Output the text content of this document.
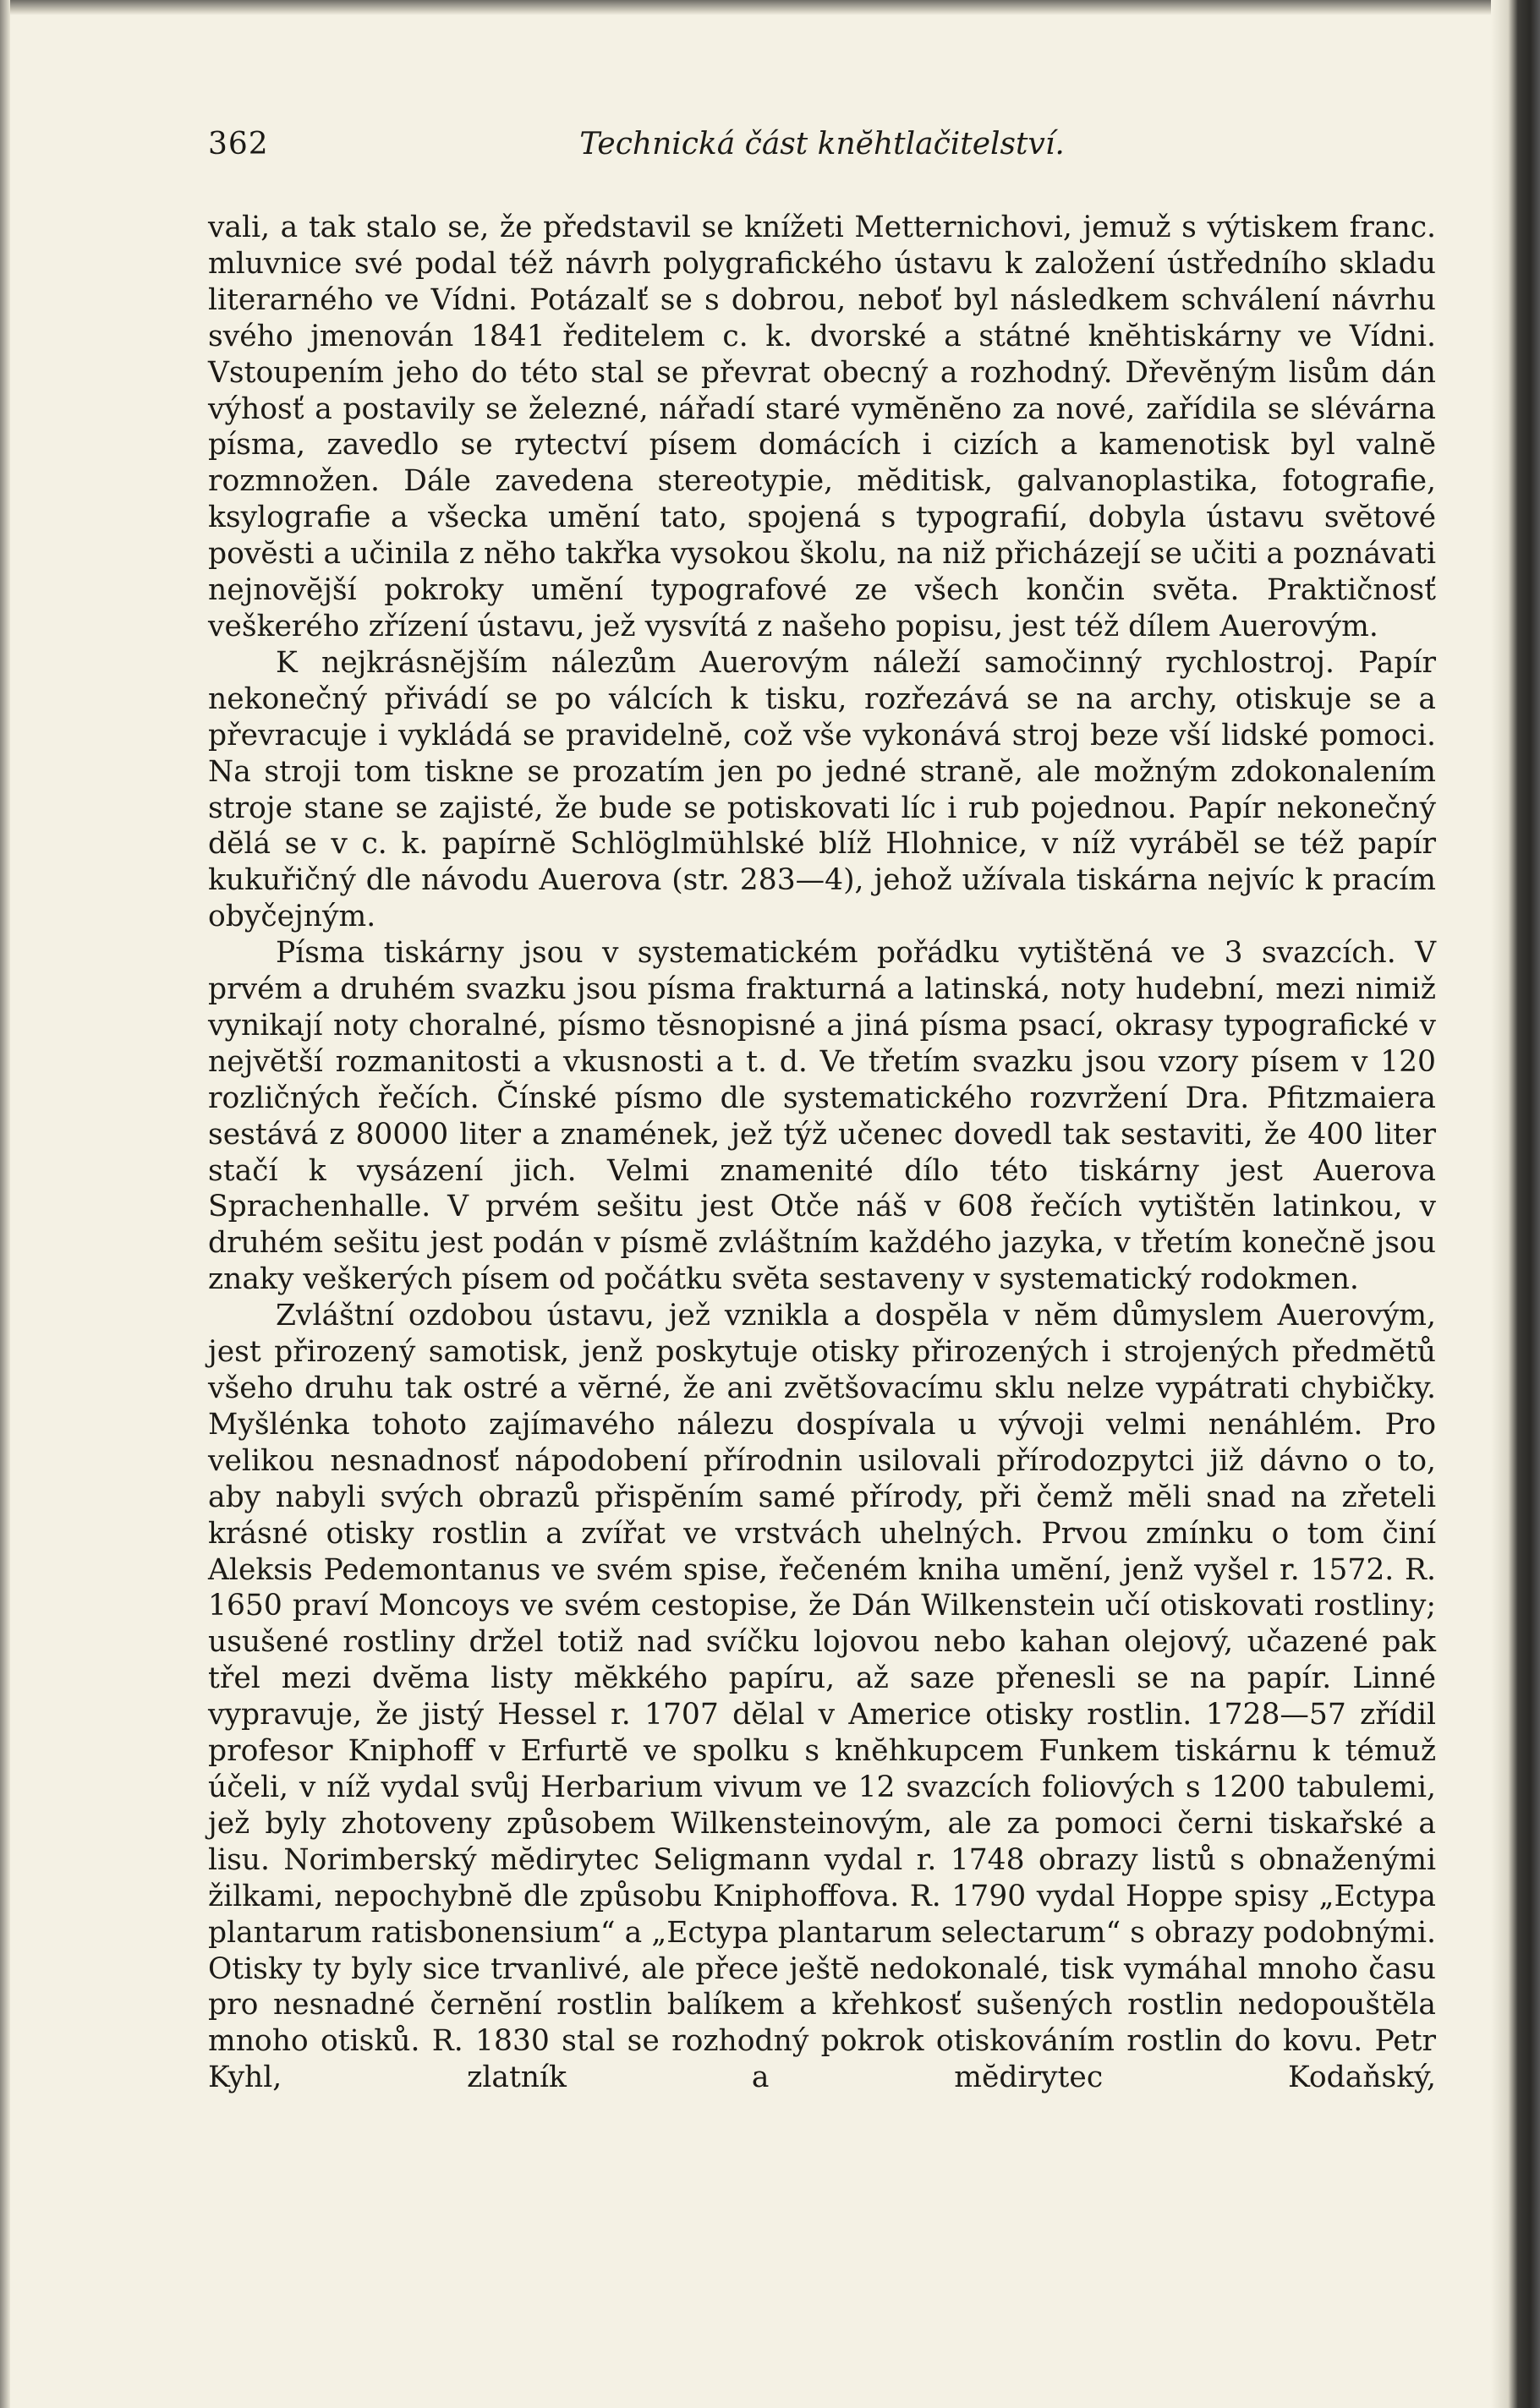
362	Technická část knĕhtlačitelství.

vali, a tak stalo se, že představil se knížeti Metternichovi, jemuž s výtiskem franc. mluvnice své podal též návrh polygrafického ústavu k založení ústředního skladu literarného ve Vídni. Potázalť se s dobrou, neboť byl následkem schválení návrhu svého jmenován 1841 ředitelem c. k. dvorské a státné knĕhtiskárny ve Vídni. Vstoupením jeho do této stal se převrat obecný a rozhodný. Dřevĕným lisům dán výhosť a postavily se železné, nářadí staré vymĕnĕno za nové, zařídila se slévárna písma, zavedlo se rytectví písem domácích i cizích a kamenotisk byl valnĕ rozmnožen. Dále zavedena stereotypie, mĕditisk, galvanoplastika, fotografie, ksylografie a všecka umĕní tato, spojená s typografií, dobyla ústavu svĕtové povĕsti a učinila z nĕho takřka vysokou školu, na niž přicházejí se učiti a poznávati nejnovĕjší pokroky umĕní typografové ze všech končin svĕta. Praktičnosť veškerého zřízení ústavu, jež vysvítá z našeho popisu, jest též dílem Auerovým.

K nejkrásnĕjším nálezům Auerovým náleží samočinný rychlostroj. Papír nekonečný přivádí se po válcích k tisku, rozřezává se na archy, otiskuje se a převracuje i vykládá se pravidelnĕ, což vše vykonává stroj beze vší lidské pomoci. Na stroji tom tiskne se prozatím jen po jedné stranĕ, ale možným zdokonalením stroje stane se zajisté, že bude se potiskovati líc i rub pojednou. Papír nekonečný dĕlá se v c. k. papírnĕ Schlöglmühlské blíž Hlohnice, v níž vyrábĕl se též papír kukuřičný dle návodu Auerova (str. 283—4), jehož užívala tiskárna nejvíc k pracím obyčejným.

Písma tiskárny jsou v systematickém pořádku vytištĕná ve 3 svazcích. V prvém a druhém svazku jsou písma frakturná a latinská, noty hudební, mezi nimiž vynikají noty choralné, písmo tĕsnopisné a jiná písma psací, okrasy typografické v nejvĕtší rozmanitosti a vkusnosti a t. d. Ve třetím svazku jsou vzory písem v 120 rozličných řečích. Čínské písmo dle systematického rozvržení Dra. Pfitzmaiera sestává z 80000 liter a znamének, jež týž učenec dovedl tak sestaviti, že 400 liter stačí k vysázení jich. Velmi znamenité dílo této tiskárny jest Auerova Sprachenhalle. V prvém sešitu jest Otče náš v 608 řečích vytištĕn latinkou, v druhém sešitu jest podán v písmĕ zvláštním každého jazyka, v třetím konečnĕ jsou znaky veškerých písem od počátku svĕta sestaveny v systematický rodokmen.

Zvláštní ozdobou ústavu, jež vznikla a dospĕla v nĕm důmyslem Auerovým, jest přirozený samotisk, jenž poskytuje otisky přirozených i strojených předmĕtů všeho druhu tak ostré a vĕrné, že ani zvĕtšovacímu sklu nelze vypátrati chybičky. Myšlénka tohoto zajímavého nálezu dospívala u vývoji velmi nenáhlém. Pro velikou nesnadnosť nápodobení přírodnin usilovali přírodozpytci již dávno o to, aby nabyli svých obrazů přispĕním samé přírody, při čemž mĕli snad na zřeteli krásné otisky rostlin a zvířat ve vrstvách uhelných. Prvou zmínku o tom činí Aleksis Pedemontanus ve svém spise, řečeném kniha umĕní, jenž vyšel r. 1572. R. 1650 praví Moncoys ve svém cestopise, že Dán Wilkenstein učí otiskovati rostliny; usušené rostliny držel totiž nad svíčku lojovou nebo kahan olejový, učazené pak třel mezi dvĕma listy mĕkkého papíru, až saze přenesli se na papír. Linné vypravuje, že jistý Hessel r. 1707 dĕlal v Americe otisky rostlin. 1728—57 zřídil profesor Kniphoff v Erfurtĕ ve spolku s knĕhkupcem Funkem tiskárnu k témuž účeli, v níž vydal svůj Herbarium vivum ve 12 svazcích foliových s 1200 tabulemi, jež byly zhotoveny způsobem Wilkensteinovým, ale za pomoci černi tiskařské a lisu. Norimberský mĕdirytec Seligmann vydal r. 1748 obrazy listů s obnaženými žilkami, nepochybnĕ dle způsobu Kniphoffova. R. 1790 vydal Hoppe spisy „Ectypa plantarum ratisbonensium“ a „Ectypa plantarum selectarum“ s obrazy podobnými. Otisky ty byly sice trvanlivé, ale přece ještĕ nedokonalé, tisk vymáhal mnoho času pro nesnadné černĕní rostlin balíkem a křehkosť sušených rostlin nedopouštĕla mnoho otisků. R. 1830 stal se rozhodný pokrok otiskováním rostlin do kovu. Petr Kyhl, zlatník a mĕdirytec Kodaňský,
